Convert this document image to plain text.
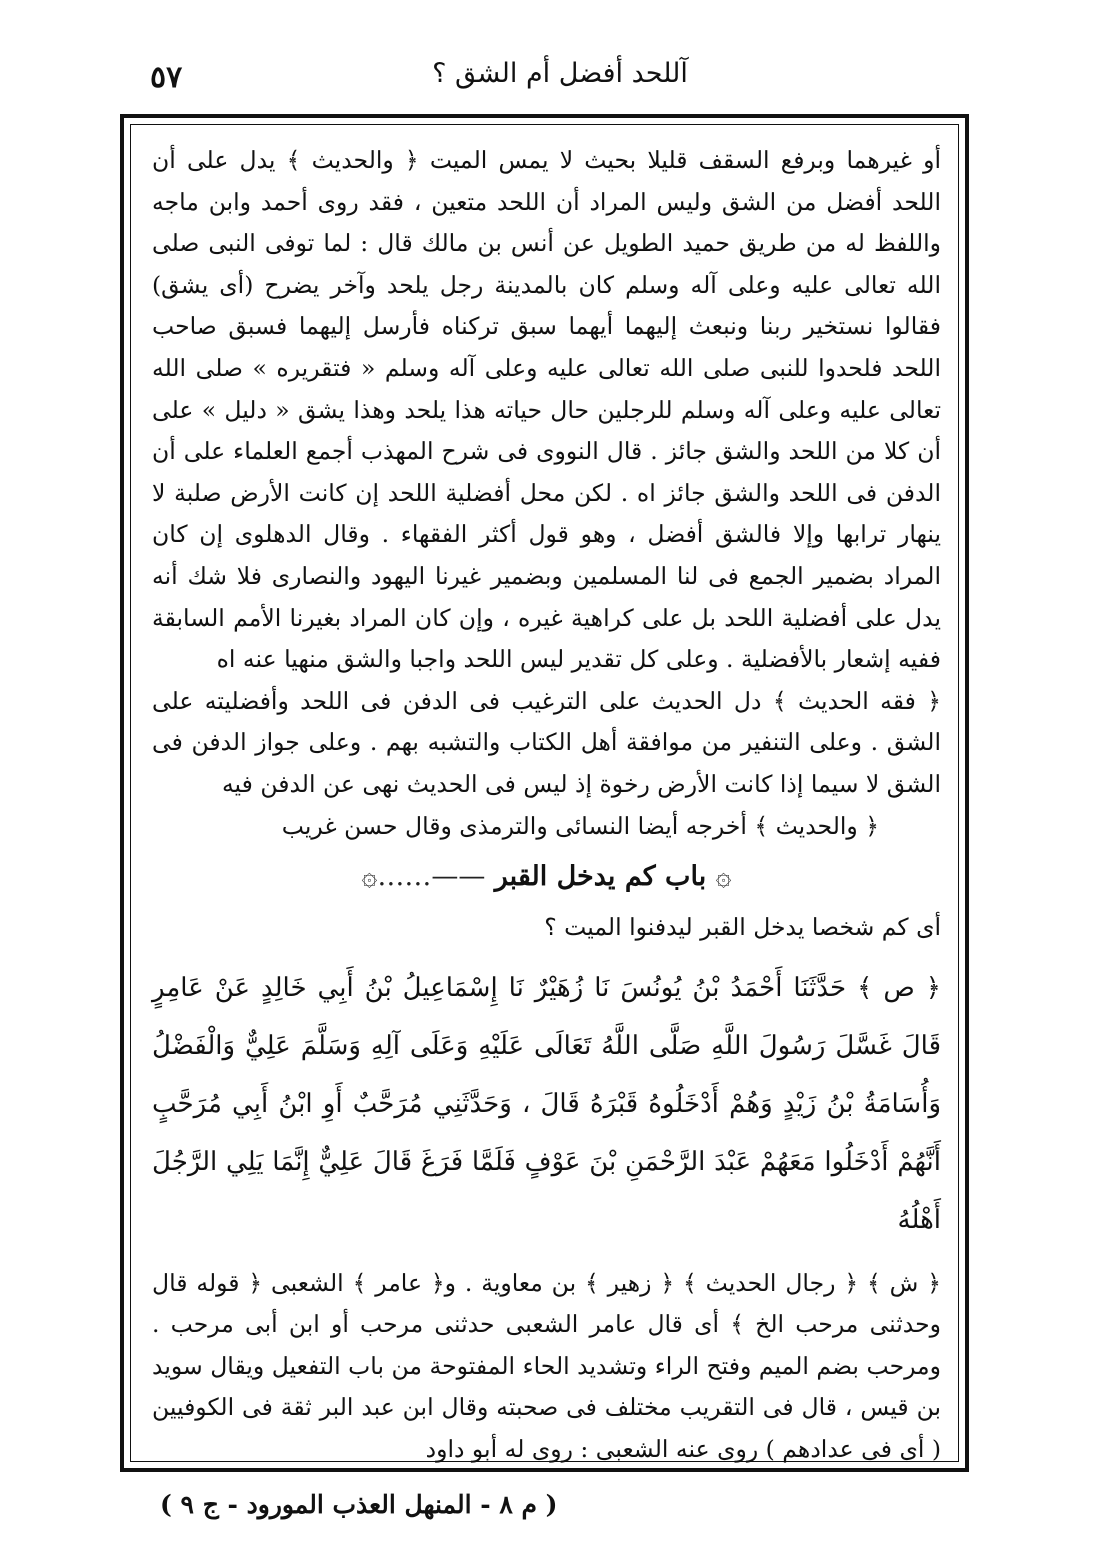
٥٧	آللحد أفضل أم الشق ؟

أو غيرهما وبرفع السقف قليلا بحيث لا يمس الميت ﴿ والحديث ﴾ يدل على أن اللحد أفضل من الشق وليس المراد أن اللحد متعين ، فقد روى أحمد وابن ماجه واللفظ له من طريق حميد الطويل عن أنس بن مالك قال : لما توفى النبى صلى الله تعالى عليه وعلى آله وسلم كان بالمدينة رجل يلحد وآخر يضرح (أى يشق) فقالوا نستخير ربنا ونبعث إليهما أيهما سبق تركناه فأرسل إليهما فسبق صاحب اللحد فلحدوا للنبى صلى الله تعالى عليه وعلى آله وسلم « فتقريره » صلى الله تعالى عليه وعلى آله وسلم للرجلين حال حياته هذا يلحد وهذا يشق « دليل » على أن كلا من اللحد والشق جائز . قال النووى فى شرح المهذب أجمع العلماء على أن الدفن فى اللحد والشق جائز اه . لكن محل أفضلية اللحد إن كانت الأرض صلبة لا ينهار ترابها وإلا فالشق أفضل ، وهو قول أكثر الفقهاء . وقال الدهلوى إن كان المراد بضمير الجمع فى لنا المسلمين وبضمير غيرنا اليهود والنصارى فلا شك أنه يدل على أفضلية اللحد بل على كراهية غيره ، وإن كان المراد بغيرنا الأمم السابقة ففيه إشعار بالأفضلية . وعلى كل تقدير ليس اللحد واجبا والشق منهيا عنه اه

﴿ فقه الحديث ﴾ دل الحديث على الترغيب فى الدفن فى اللحد وأفضليته على الشق . وعلى التنفير من موافقة أهل الكتاب والتشبه بهم . وعلى جواز الدفن فى الشق لا سيما إذا كانت الأرض رخوة إذ ليس فى الحديث نهى عن الدفن فيه

﴿ والحديث ﴾ أخرجه أيضا النسائى والترمذى وقال حسن غريب

۞ باب كم يدخل القبر ——‥‥‥۞

أى كم شخصا يدخل القبر ليدفنوا الميت ؟

﴿ ص ﴾ حَدَّثَنَا أَحْمَدُ بْنُ يُونُسَ نَا زُهَيْرٌ نَا إِسْمَاعِيلُ بْنُ أَبِي خَالِدٍ عَنْ عَامِرٍ قَالَ غَسَّلَ رَسُولَ اللَّهِ صَلَّى اللَّهُ تَعَالَى عَلَيْهِ وَعَلَى آلِهِ وَسَلَّمَ عَلِيٌّ وَالْفَضْلُ وَأُسَامَةُ بْنُ زَيْدٍ وَهُمْ أَدْخَلُوهُ قَبْرَهُ قَالَ ، وَحَدَّثَنِي مُرَحَّبٌ أَوِ ابْنُ أَبِي مُرَحَّبٍ أَنَّهُمْ أَدْخَلُوا مَعَهُمْ عَبْدَ الرَّحْمَنِ بْنَ عَوْفٍ فَلَمَّا فَرَغَ قَالَ عَلِيٌّ إِنَّمَا يَلِي الرَّجُلَ أَهْلُهُ

﴿ ش ﴾ ﴿ رجال الحديث ﴾ ﴿ زهير ﴾ بن معاوية . و﴿ عامر ﴾ الشعبى ﴿ قوله قال وحدثنى مرحب الخ ﴾ أى قال عامر الشعبى حدثنى مرحب أو ابن أبى مرحب . ومرحب بضم الميم وفتح الراء وتشديد الحاء المفتوحة من باب التفعيل ويقال سويد بن قيس ، قال فى التقريب مختلف فى صحبته وقال ابن عبد البر ثقة فى الكوفيين ( أى فى عدادهم ) روى عنه الشعبى : روى له أبو داود

( م ٨ - المنهل العذب المورود - ج ٩ )
